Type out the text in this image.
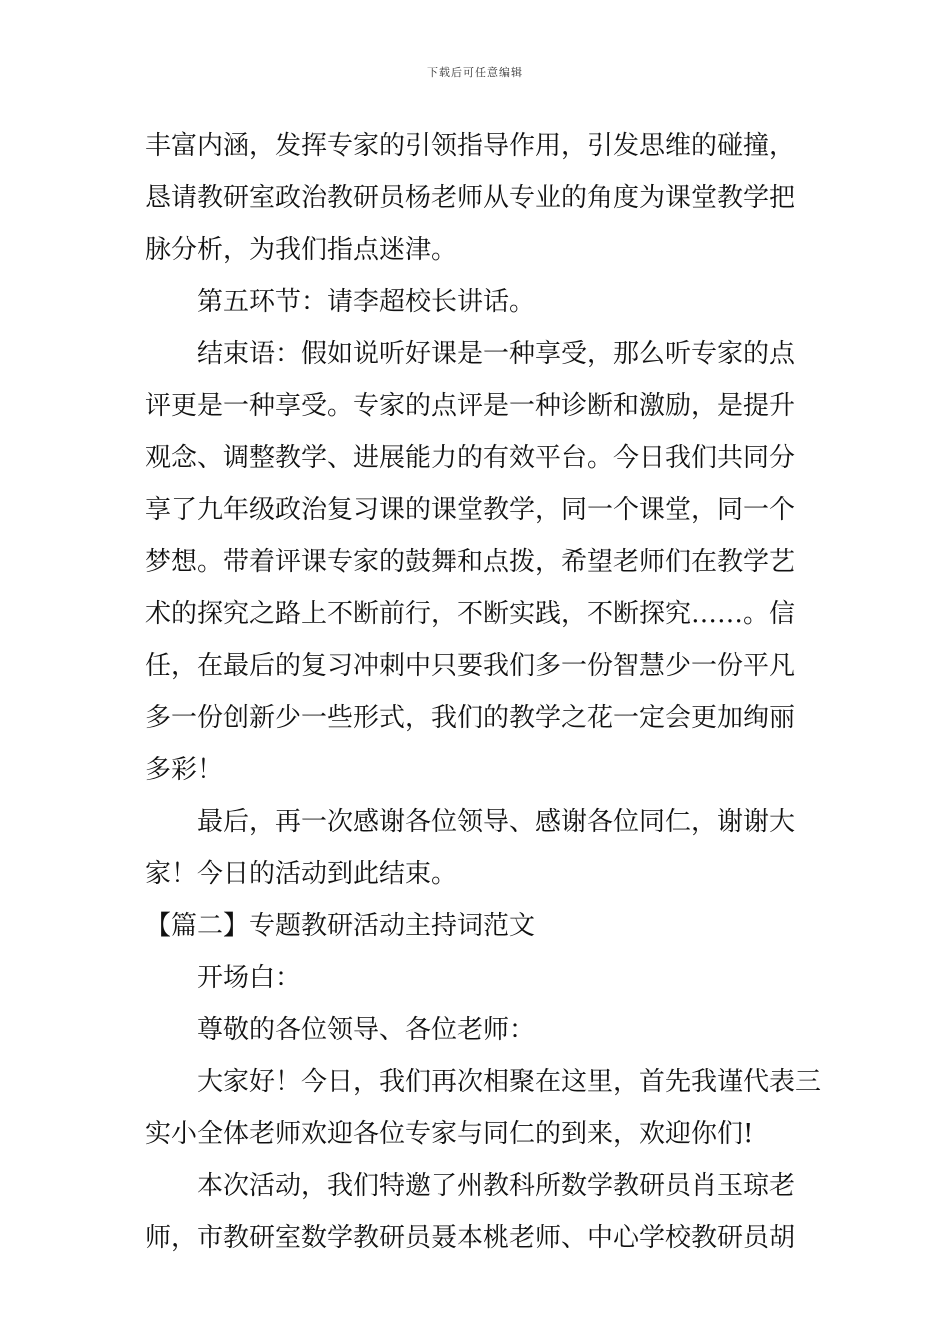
下载后可任意编辑
丰富内涵，发挥专家的引领指导作用，引发思维的碰撞，
恳请教研室政治教研员杨老师从专业的角度为课堂教学把
脉分析，为我们指点迷津。
第五环节：请李超校长讲话。
结束语：假如说听好课是一种享受，那么听专家的点
评更是一种享受。专家的点评是一种诊断和激励，是提升
观念、调整教学、进展能力的有效平台。今日我们共同分
享了九年级政治复习课的课堂教学，同一个课堂，同一个
梦想。带着评课专家的鼓舞和点拨，希望老师们在教学艺
术的探究之路上不断前行，不断实践，不断探究……。信
任，在最后的复习冲刺中只要我们多一份智慧少一份平凡
多一份创新少一些形式，我们的教学之花一定会更加绚丽
多彩！
最后，再一次感谢各位领导、感谢各位同仁，谢谢大
家！今日的活动到此结束。
【篇二】专题教研活动主持词范文
开场白：
尊敬的各位领导、各位老师：
大家好！今日，我们再次相聚在这里，首先我谨代表三
实小全体老师欢迎各位专家与同仁的到来，欢迎你们!
本次活动，我们特邀了州教科所数学教研员肖玉琼老
师，市教研室数学教研员聂本桃老师、中心学校教研员胡
